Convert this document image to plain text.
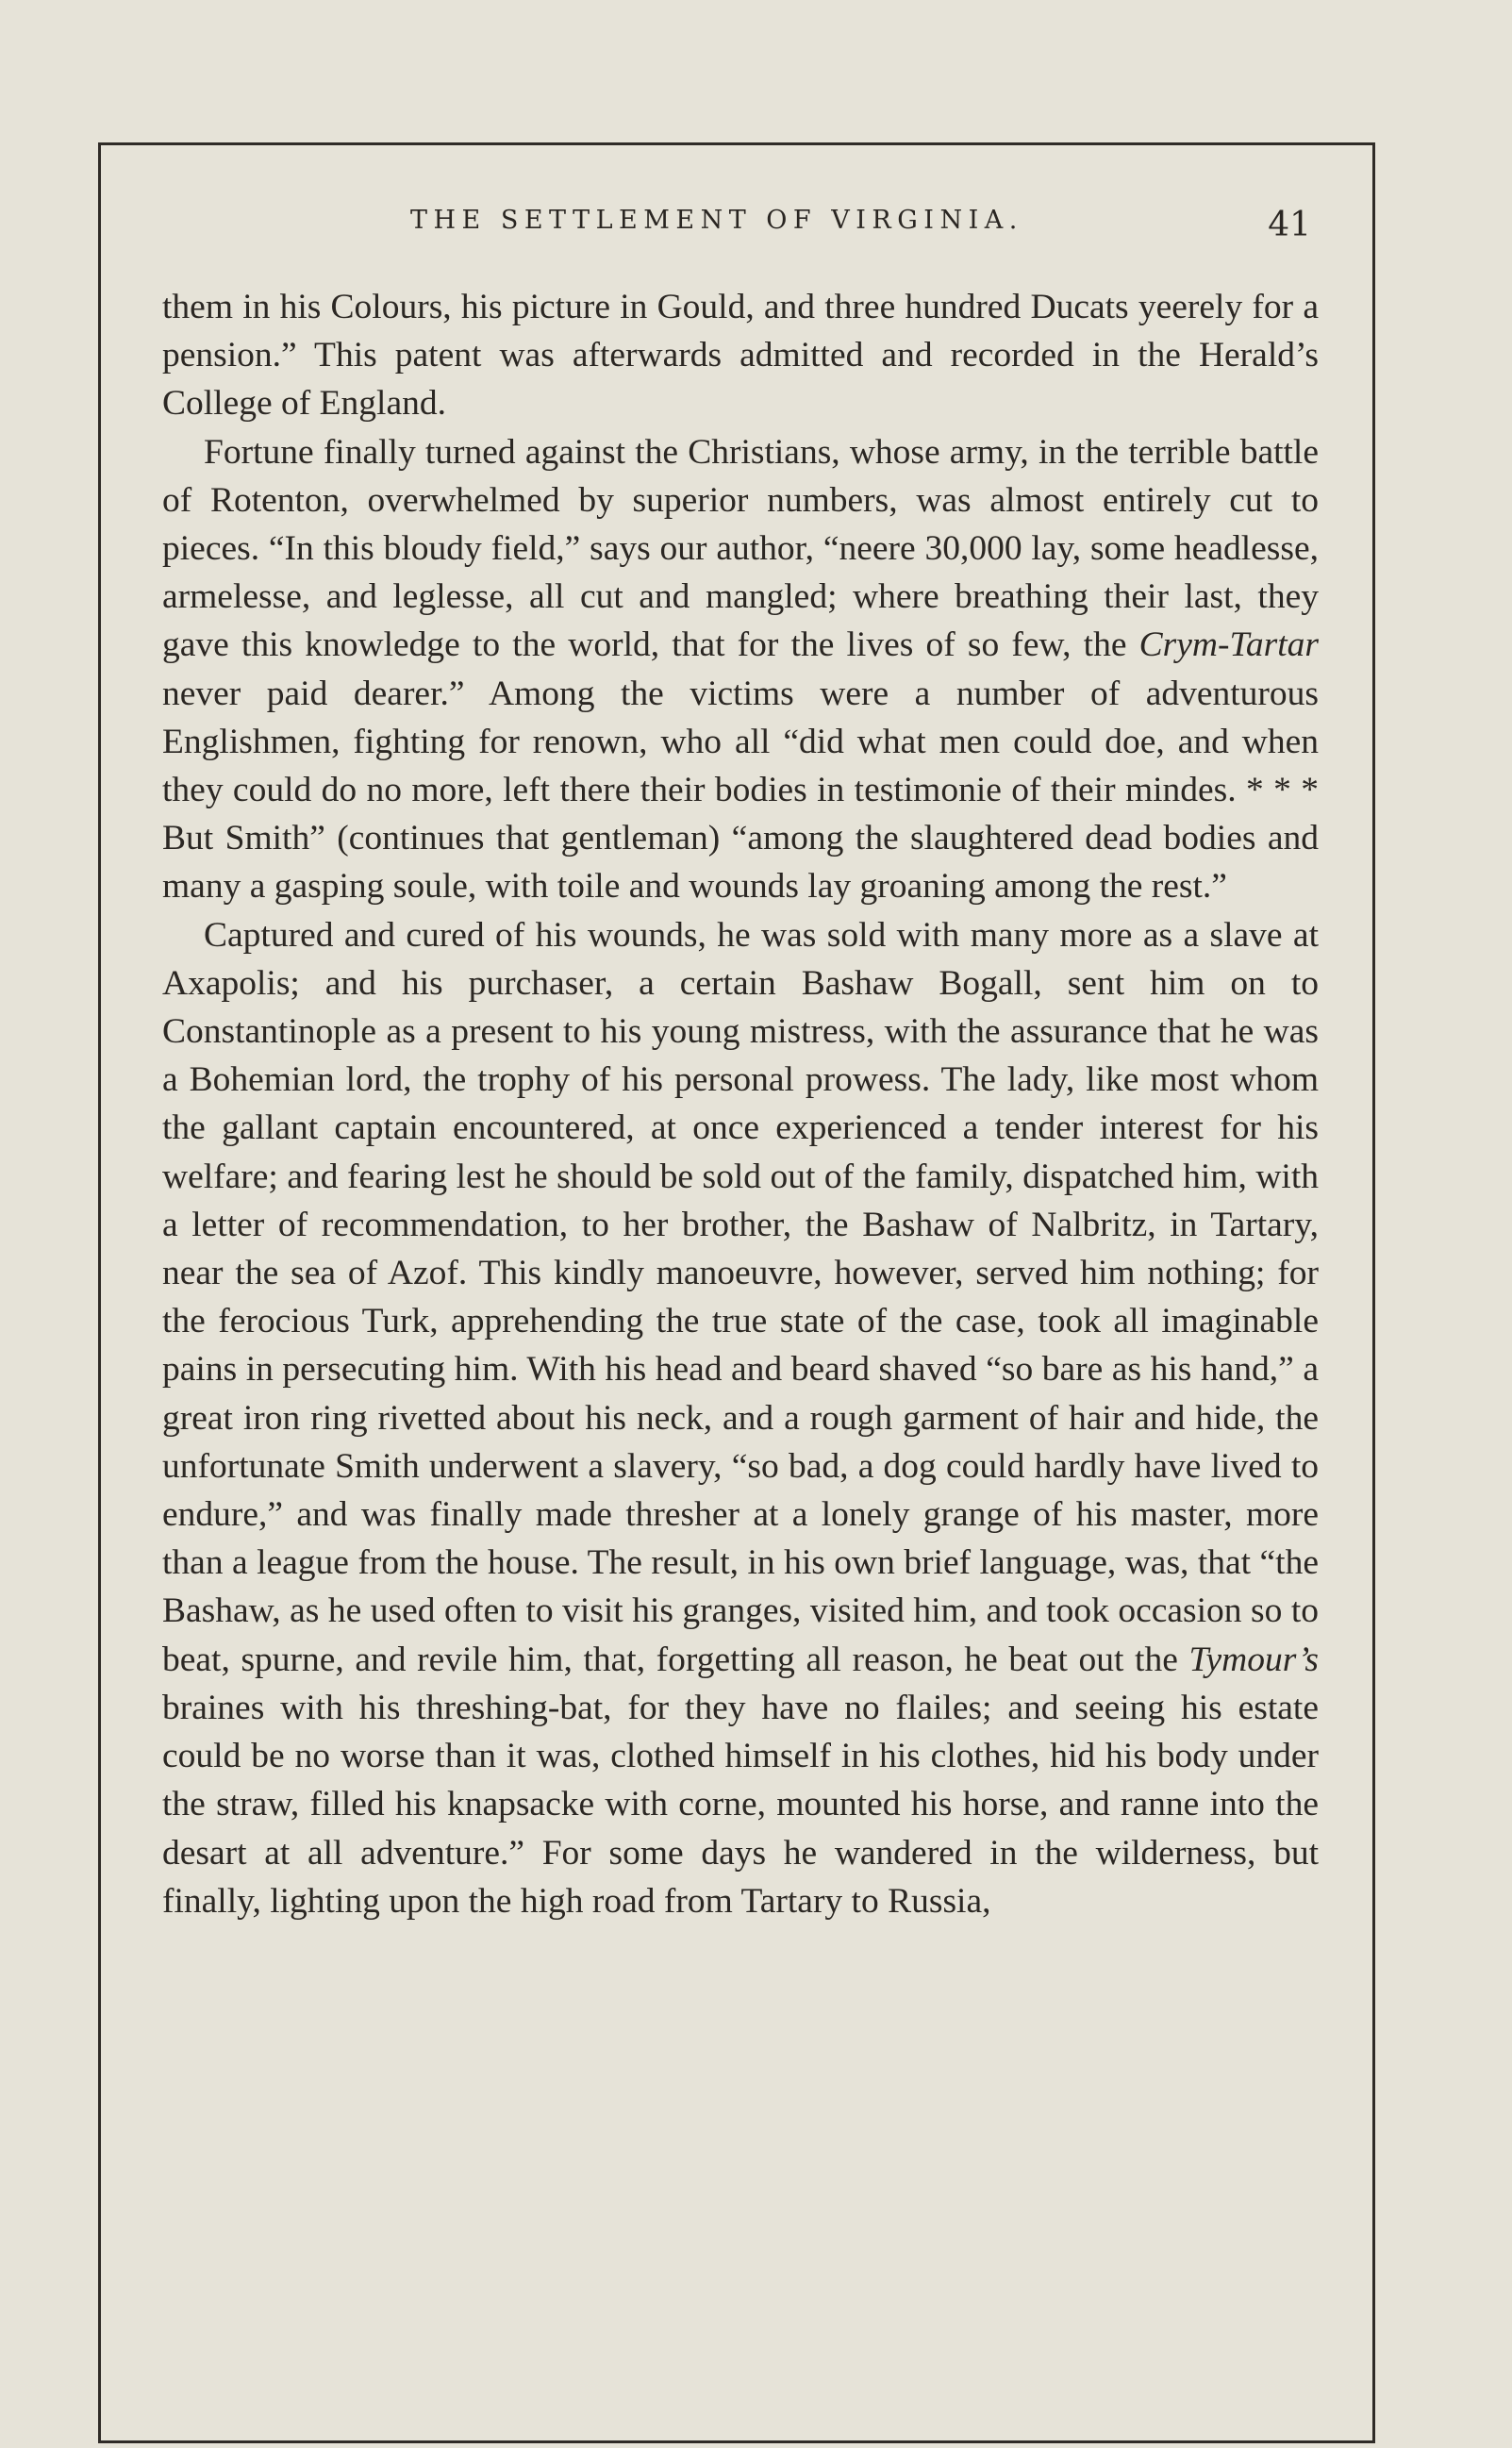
THE SETTLEMENT OF VIRGINIA.	41

them in his Colours, his picture in Gould, and three hundred Ducats yeerely for a pension.” This patent was afterwards admitted and recorded in the Herald’s College of England.

Fortune finally turned against the Christians, whose army, in the terrible battle of Rotenton, overwhelmed by superior numbers, was almost entirely cut to pieces. “In this bloudy field,” says our author, “neere 30,000 lay, some headlesse, armelesse, and leglesse, all cut and mangled; where breathing their last, they gave this knowledge to the world, that for the lives of so few, the Crym-Tartar never paid dearer.” Among the victims were a number of adventurous Englishmen, fighting for renown, who all “did what men could doe, and when they could do no more, left there their bodies in testimonie of their mindes. * * * But Smith” (continues that gentleman) “among the slaughtered dead bodies and many a gasping soule, with toile and wounds lay groaning among the rest.”

Captured and cured of his wounds, he was sold with many more as a slave at Axapolis; and his purchaser, a certain Bashaw Bogall, sent him on to Constantinople as a present to his young mistress, with the assurance that he was a Bohemian lord, the trophy of his personal prowess. The lady, like most whom the gallant captain encountered, at once experienced a tender interest for his welfare; and fearing lest he should be sold out of the family, dispatched him, with a letter of recommendation, to her brother, the Bashaw of Nalbritz, in Tartary, near the sea of Azof. This kindly manoeuvre, however, served him nothing; for the ferocious Turk, apprehending the true state of the case, took all imaginable pains in persecuting him. With his head and beard shaved “so bare as his hand,” a great iron ring rivetted about his neck, and a rough garment of hair and hide, the unfortunate Smith underwent a slavery, “so bad, a dog could hardly have lived to endure,” and was finally made thresher at a lonely grange of his master, more than a league from the house. The result, in his own brief language, was, that “the Bashaw, as he used often to visit his granges, visited him, and took occasion so to beat, spurne, and revile him, that, forgetting all reason, he beat out the Tymour’s braines with his threshing-bat, for they have no flailes; and seeing his estate could be no worse than it was, clothed himself in his clothes, hid his body under the straw, filled his knapsacke with corne, mounted his horse, and ranne into the desart at all adventure.” For some days he wandered in the wilderness, but finally, lighting upon the high road from Tartary to Russia,
